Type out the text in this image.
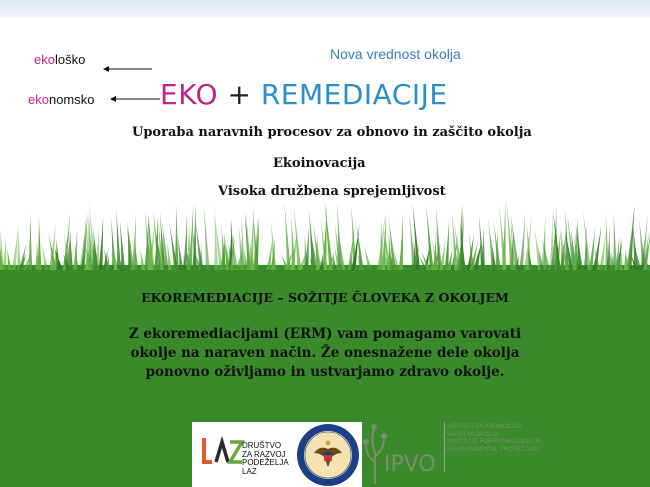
ekološko
ekonomsko
Nova vrednost okolja
EKO + REMEDIACIJE
Uporaba naravnih procesov za obnovo in zaščito okolja
Ekoinovacija
Visoka družbena sprejemljivost
EKOREMEDIACIJE – SOŽITJE ČLOVEKA Z OKOLJEM
Z ekoremediacijami (ERM) vam pomagamo varovati
okolje na naraven način. Že onesnažene dele okolja
ponovno oživljamo in ustvarjamo zdravo okolje.
DRUŠTVO
ZA RAZVOJ
PODEŽELJA
LAZ	IPVO
INŠTITUT ZA PROMOCIJO
VARSTVA OKOLJA
INSTITUTE FOR PROMOTION OF
ENVIRONMENTAL PROTECTION
